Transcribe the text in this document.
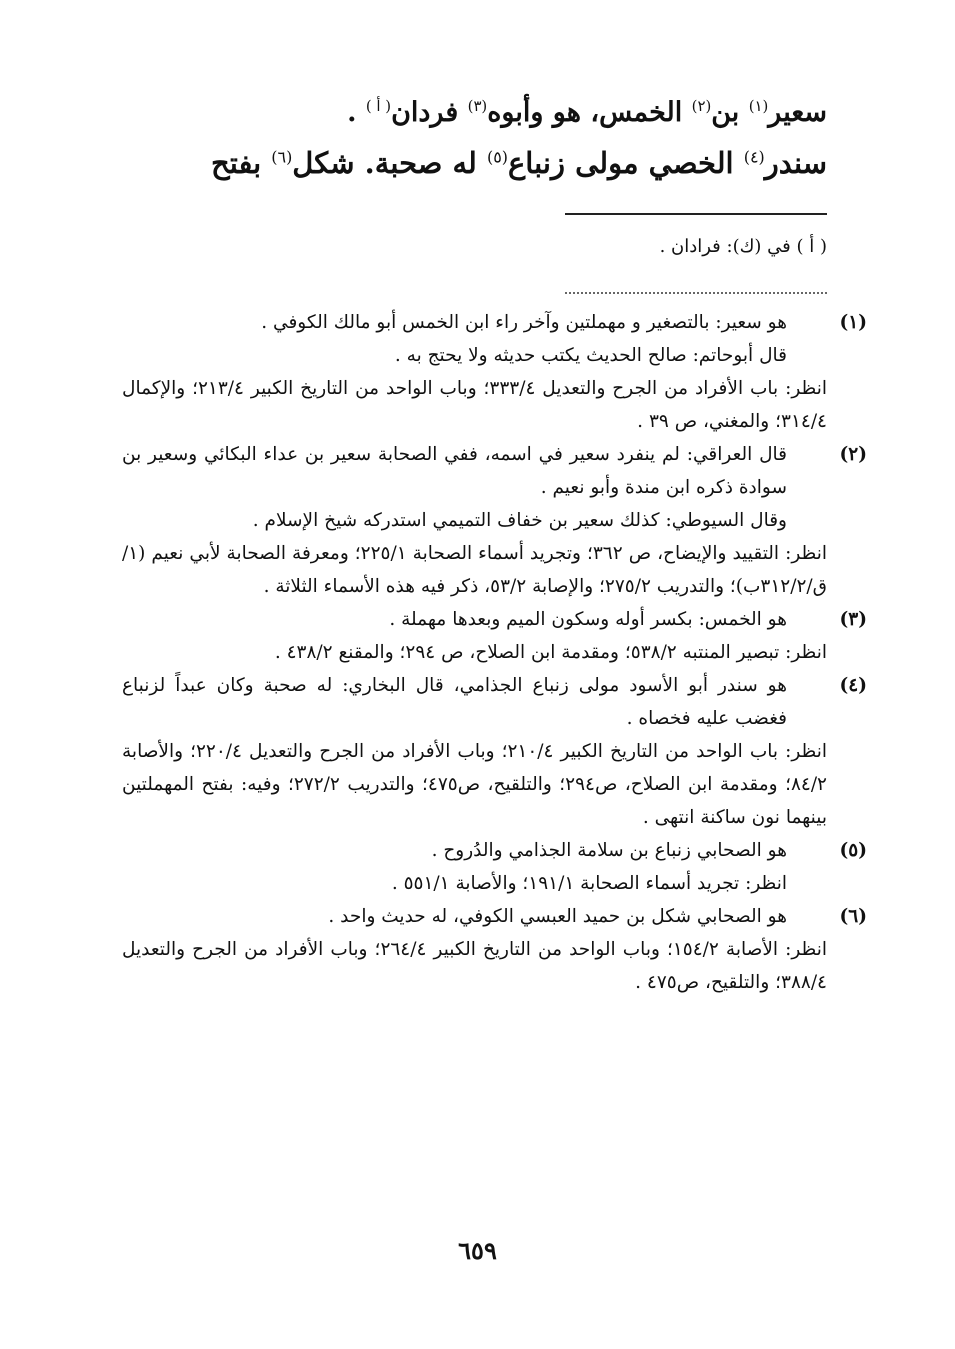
سعير$^{(١)}$ بن$^{(٢)}$ الخمس، هو وأبوه$^{(٣)}$ فردان$^{( أ )}$ .
سندر$^{(٤)}$ الخصي مولى زنباع$^{(٥)}$ له صحبة. شكل$^{(٦)}$ بفتح
( أ ) في (ك): فرادان .
(١)هو سعير: بالتصغير و مهملتين وآخر راء ابن الخمس أبو مالك الكوفي .
قال أبوحاتم: صالح الحديث يكتب حديثه ولا يحتج به .
انظر: باب الأفراد من الجرح والتعديل ٣٣٣/٤؛ وباب الواحد من التاريخ الكبير ٢١٣/٤؛ والإكمال ٣١٤/٤؛ والمغني، ص ٣٩ .
(٢)قال العراقي: لم ينفرد سعير في اسمه، ففي الصحابة سعير بن عداء البكائي وسعير بن سوادة ذكره ابن مندة وأبو نعيم .
وقال السيوطي: كذلك سعير بن خفاف التميمي استدركه شيخ الإسلام .
انظر: التقييد والإيضاح، ص ٣٦٢؛ وتجريد أسماء الصحابة ٢٢٥/١؛ ومعرفة الصحابة لأبي نعيم (١/ق/٣١٢/٢ب)؛ والتدريب ٢٧٥/٢؛ والإصابة ٥٣/٢، ذكر فيه هذه الأسماء الثلاثة .
(٣)هو الخمس: بكسر أوله وسكون الميم وبعدها مهملة .
انظر: تبصير المنتبه ٥٣٨/٢؛ ومقدمة ابن الصلاح، ص ٢٩٤؛ والمقنع ٤٣٨/٢ .
(٤)هو سندر أبو الأسود مولى زنباع الجذامي، قال البخاري: له صحبة وكان عبداً لزنباع فغضب عليه فخصاه .
انظر: باب الواحد من التاريخ الكبير ٢١٠/٤؛ وباب الأفراد من الجرح والتعديل ٢٢٠/٤؛ والأصابة ٨٤/٢؛ ومقدمة ابن الصلاح، ص٢٩٤؛ والتلقيح، ص٤٧٥؛ والتدريب ٢٧٢/٢؛ وفيه: بفتح المهملتين بينهما نون ساكنة انتهى .
(٥)هو الصحابي زنباع بن سلامة الجذامي والدُروح .
انظر: تجريد أسماء الصحابة ١٩١/١؛ والأصابة ٥٥١/١ .
(٦)هو الصحابي شكل بن حميد العبسي الكوفي، له حديث واحد .
انظر: الأصابة ١٥٤/٢؛ وباب الواحد من التاريخ الكبير ٢٦٤/٤؛ وباب الأفراد من الجرح والتعديل ٣٨٨/٤؛ والتلقيح، ص٤٧٥ .
٦٥٩
